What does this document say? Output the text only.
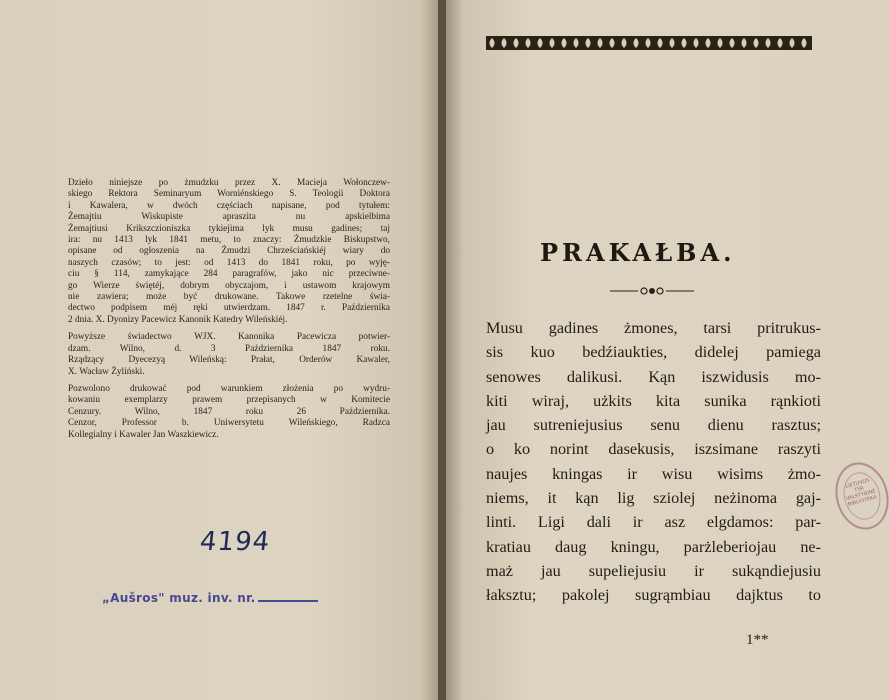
Dzieło niniejsze po żmudzku przez X. Macieja Wołonczew-
skiego Rektora Seminaryum Worniénskiego S. Teologii Doktora
i Kawalera, w dwóch częściach napisane, pod tytułem:
Żemajtiu Wiskupiste apraszita nu apskielbima
Żemajtiusi Krikszczioniszka tykiejima lyk musu gadines; taj
ira: nu 1413 lyk 1841 metu, to znaczy: Żmudzkie Biskupstwo,
opisane od ogłoszenia na Żmudzi Chrześciańskiéj wiary do
naszych czasów; to jest: od 1413 do 1841 roku, po wyję-
ciu § 114, zamykające 284 paragrafów, jako nic przeciwne-
go Wierze świętéj, dobrym obyczajom, i ustawom krajowym
nie zawiera; może być drukowane. Takowe rzetelne świa-
dectwo podpisem méj ręki utwierdzam. 1847 r. Października
2 dnia. X. Dyonizy Pacewicz Kanonik Katedry Wileńskiéj.

Powyższe świadectwo WJX. Kanonika Pacewicza potwier-
dzam. Wilno, d. 3 Października 1847 roku.
Rządzący Dyecezyą Wileńską: Prałat, Orderów Kawaler,
X. Wacław Żyliński.

Pozwolono drukować pod warunkiem złożenia po wydru-
kowaniu exemplarzy prawem przepisanych w Komitecie
Cenzury. Wilno, 1847 roku 26 Października.
Cenzor, Professor b. Uniwersytetu Wileńskiego, Radzca
Kollegialny i Kawaler Jan Waszkiewicz.

4194
„Aušros" muz. inv. nr.
PRAKAŁBA.
Musu gadines żmones, tarsi pritrukus-
sis kuo bedźiaukties, didelej pamiega
senowes dalikusi. Kąn iszwidusis mo-
kiti wiraj, użkits kita sunika rąnkioti
jau sutreniejusius senu dienu rasztus;
o ko norint dasekusis, iszsimane raszyti
naujes kningas ir wisu wisims żmo-
niems, it kąn lig sziolej neżinoma gaj-
linti. Ligi dali ir asz elgdamos: par-
kratiau daug kningu, parżleberiojau ne-
maż jau supeliejusiu ir sukąndiejusiu
łaksztu; pakolej sugrąmbiau dajktus to
1**
LIETUVOS TSR VALSTYBINĖ BIBLIOTEKA
